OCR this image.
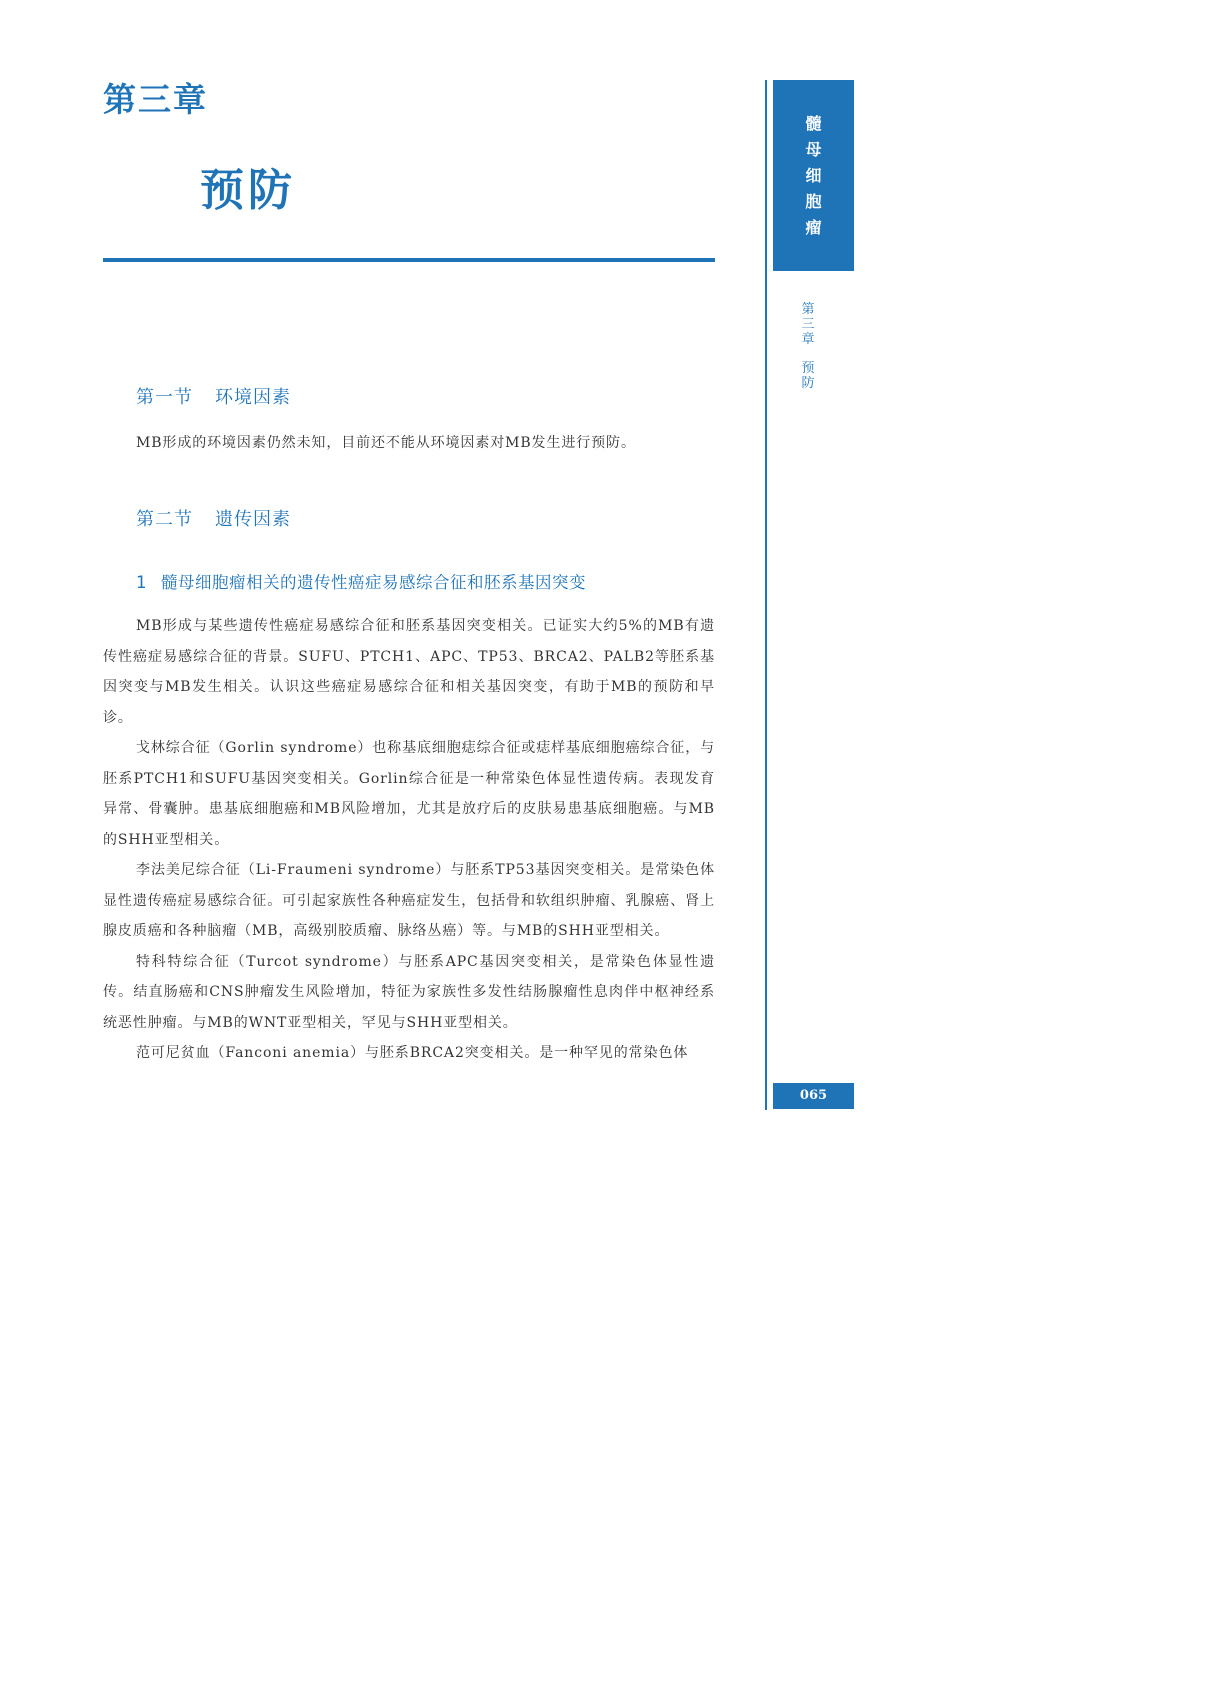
第三章
预防
髓
母
细
胞
瘤
第
三
章
预
防
065
第一节 环境因素

MB形成的环境因素仍然未知，目前还不能从环境因素对MB发生进行预防。

第二节 遗传因素
1 髓母细胞瘤相关的遗传性癌症易感综合征和胚系基因突变

MB形成与某些遗传性癌症易感综合征和胚系基因突变相关。已证实大约5%的MB有遗传性癌症易感综合征的背景。SUFU、PTCH1、APC、TP53、BRCA2、PALB2等胚系基因突变与MB发生相关。认识这些癌症易感综合征和相关基因突变，有助于MB的预防和早诊。

戈林综合征（Gorlin syndrome）也称基底细胞痣综合征或痣样基底细胞癌综合征，与胚系PTCH1和SUFU基因突变相关。Gorlin综合征是一种常染色体显性遗传病。表现发育异常、骨囊肿。患基底细胞癌和MB风险增加，尤其是放疗后的皮肤易患基底细胞癌。与MB的SHH亚型相关。

李法美尼综合征（Li-Fraumeni syndrome）与胚系TP53基因突变相关。是常染色体显性遗传癌症易感综合征。可引起家族性各种癌症发生，包括骨和软组织肿瘤、乳腺癌、肾上腺皮质癌和各种脑瘤（MB，高级别胶质瘤、脉络丛癌）等。与MB的SHH亚型相关。

特科特综合征（Turcot syndrome）与胚系APC基因突变相关，是常染色体显性遗传。结直肠癌和CNS肿瘤发生风险增加，特征为家族性多发性结肠腺瘤性息肉伴中枢神经系统恶性肿瘤。与MB的WNT亚型相关，罕见与SHH亚型相关。

范可尼贫血（Fanconi anemia）与胚系BRCA2突变相关。是一种罕见的常染色体
